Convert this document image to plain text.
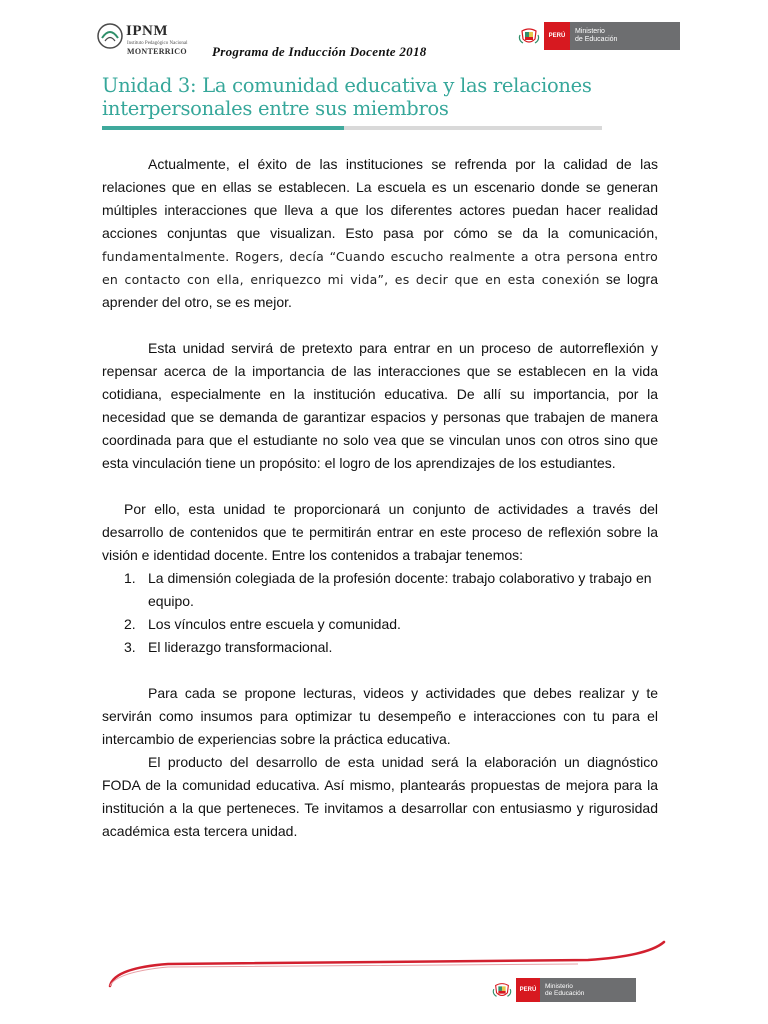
IPNM
Instituto Pedagógico Nacional
MONTERRICO Programa de Inducción Docente 2018
PERÚ
Ministerio
de Educación
Unidad 3: La comunidad educativa y las relaciones interpersonales entre sus miembros

Actualmente, el éxito de las instituciones se refrenda por la calidad de las relaciones que en ellas se establecen. La escuela es un escenario donde se generan múltiples interacciones que lleva a que los diferentes actores puedan hacer realidad acciones conjuntas que visualizan. Esto pasa por cómo se da la comunicación, fundamentalmente. Rogers, decía “Cuando escucho realmente a otra persona entro en contacto con ella, enriquezco mi vida”, es decir que en esta conexión se logra aprender del otro, se es mejor.

Esta unidad servirá de pretexto para entrar en un proceso de autorreflexión y repensar acerca de la importancia de las interacciones que se establecen en la vida cotidiana, especialmente en la institución educativa. De allí su importancia, por la necesidad que se demanda de garantizar espacios y personas que trabajen de manera coordinada para que el estudiante no solo vea que se vinculan unos con otros sino que esta vinculación tiene un propósito: el logro de los aprendizajes de los estudiantes.

Por ello, esta unidad te proporcionará un conjunto de actividades a través del desarrollo de contenidos que te permitirán entrar en este proceso de reflexión sobre la visión e identidad docente. Entre los contenidos a trabajar tenemos:

1. La dimensión colegiada de la profesión docente: trabajo colaborativo y trabajo en equipo.
2. Los vínculos entre escuela y comunidad.
3. El liderazgo transformacional.

Para cada se propone lecturas, videos y actividades que debes realizar y te servirán como insumos para optimizar tu desempeño e interacciones con tu para el intercambio de experiencias sobre la práctica educativa.

El producto del desarrollo de esta unidad será la elaboración un diagnóstico FODA de la comunidad educativa. Así mismo, plantearás propuestas de mejora para la institución a la que perteneces. Te invitamos a desarrollar con entusiasmo y rigurosidad académica esta tercera unidad.

PERÚ	Ministerio
de Educación
